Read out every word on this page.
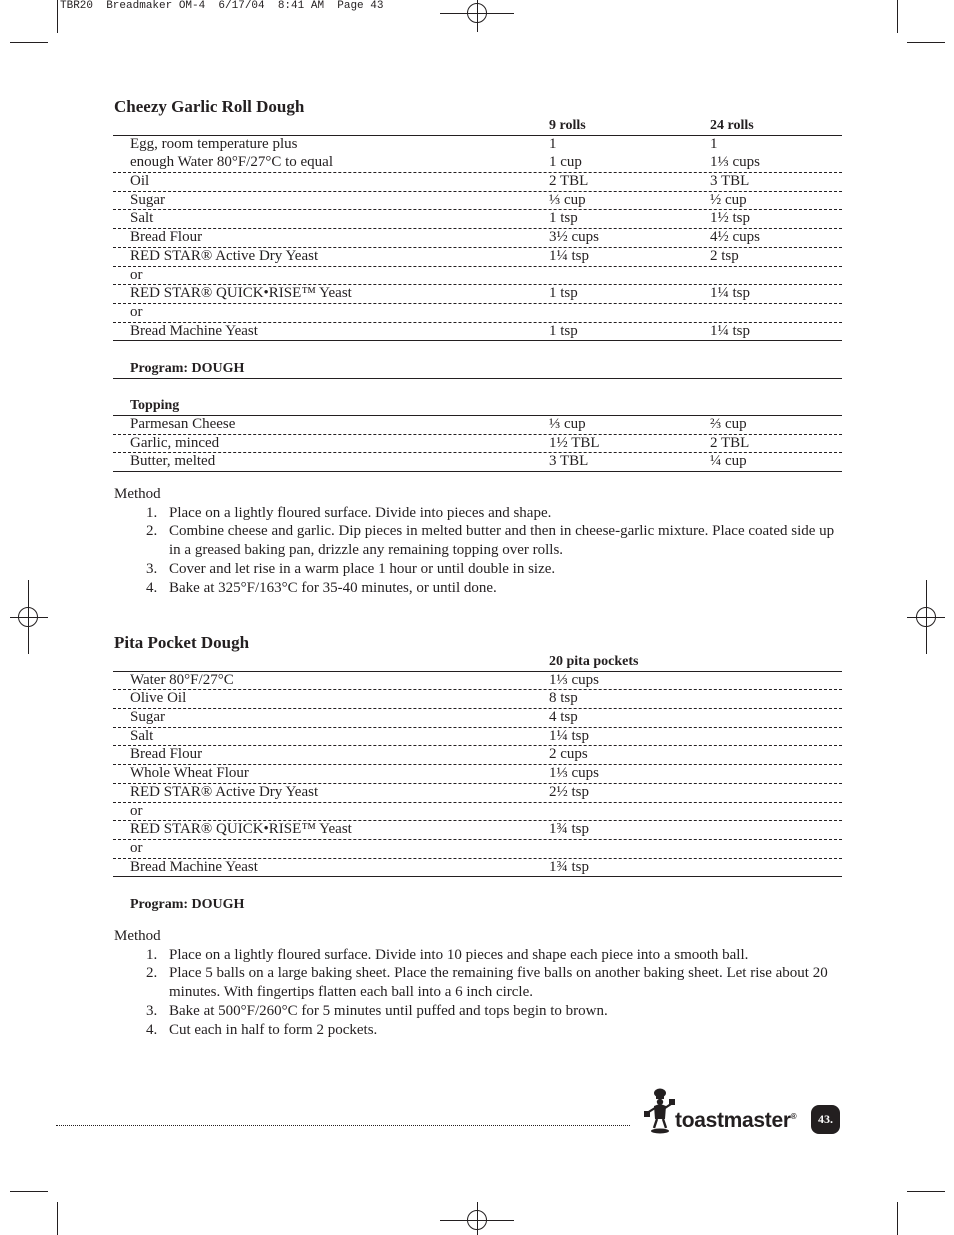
TBR20  Breadmaker OM-4  6/17/04  8:41 AM  Page 43
Cheezy Garlic Roll Dough
9 rolls	24 rolls
Egg, room temperature plus	1	1
enough Water 80°F/27°C to equal	1 cup	1⅓ cups
Oil	2 TBL	3 TBL
Sugar	⅓ cup	½ cup
Salt	1 tsp	1½ tsp
Bread Flour	3½ cups	4½ cups
RED STAR® Active Dry Yeast	1¼ tsp	2 tsp
or
RED STAR® QUICK•RISE™ Yeast	1 tsp	1¼ tsp
or
Bread Machine Yeast	1 tsp	1¼ tsp
Program: DOUGH
Topping
Parmesan Cheese	⅓ cup	⅔ cup
Garlic, minced	1½ TBL	2 TBL
Butter, melted	3 TBL	¼ cup
Method
1. Place on a lightly floured surface. Divide into pieces and shape.
2. Combine cheese and garlic. Dip pieces in melted butter and then in cheese-garlic mixture. Place coated side up in a greased baking pan, drizzle any remaining topping over rolls.
3. Cover and let rise in a warm place 1 hour or until double in size.
4. Bake at 325°F/163°C for 35-40 minutes, or until done.
Pita Pocket Dough
20 pita pockets
Water 80°F/27°C	1⅓ cups
Olive Oil	8 tsp
Sugar	4 tsp
Salt	1¼ tsp
Bread Flour	2 cups
Whole Wheat Flour	1⅓ cups
RED STAR® Active Dry Yeast	2½ tsp
or
RED STAR® QUICK•RISE™ Yeast	1¾ tsp
or
Bread Machine Yeast	1¾ tsp
Program: DOUGH
Method
1. Place on a lightly floured surface. Divide into 10 pieces and shape each piece into a smooth ball.
2. Place 5 balls on a large baking sheet. Place the remaining five balls on another baking sheet. Let rise about 20 minutes. With fingertips flatten each ball into a 6 inch circle.
3. Bake at 500°F/260°C for 5 minutes until puffed and tops begin to brown.
4. Cut each in half to form 2 pockets.
toastmaster®	43.
